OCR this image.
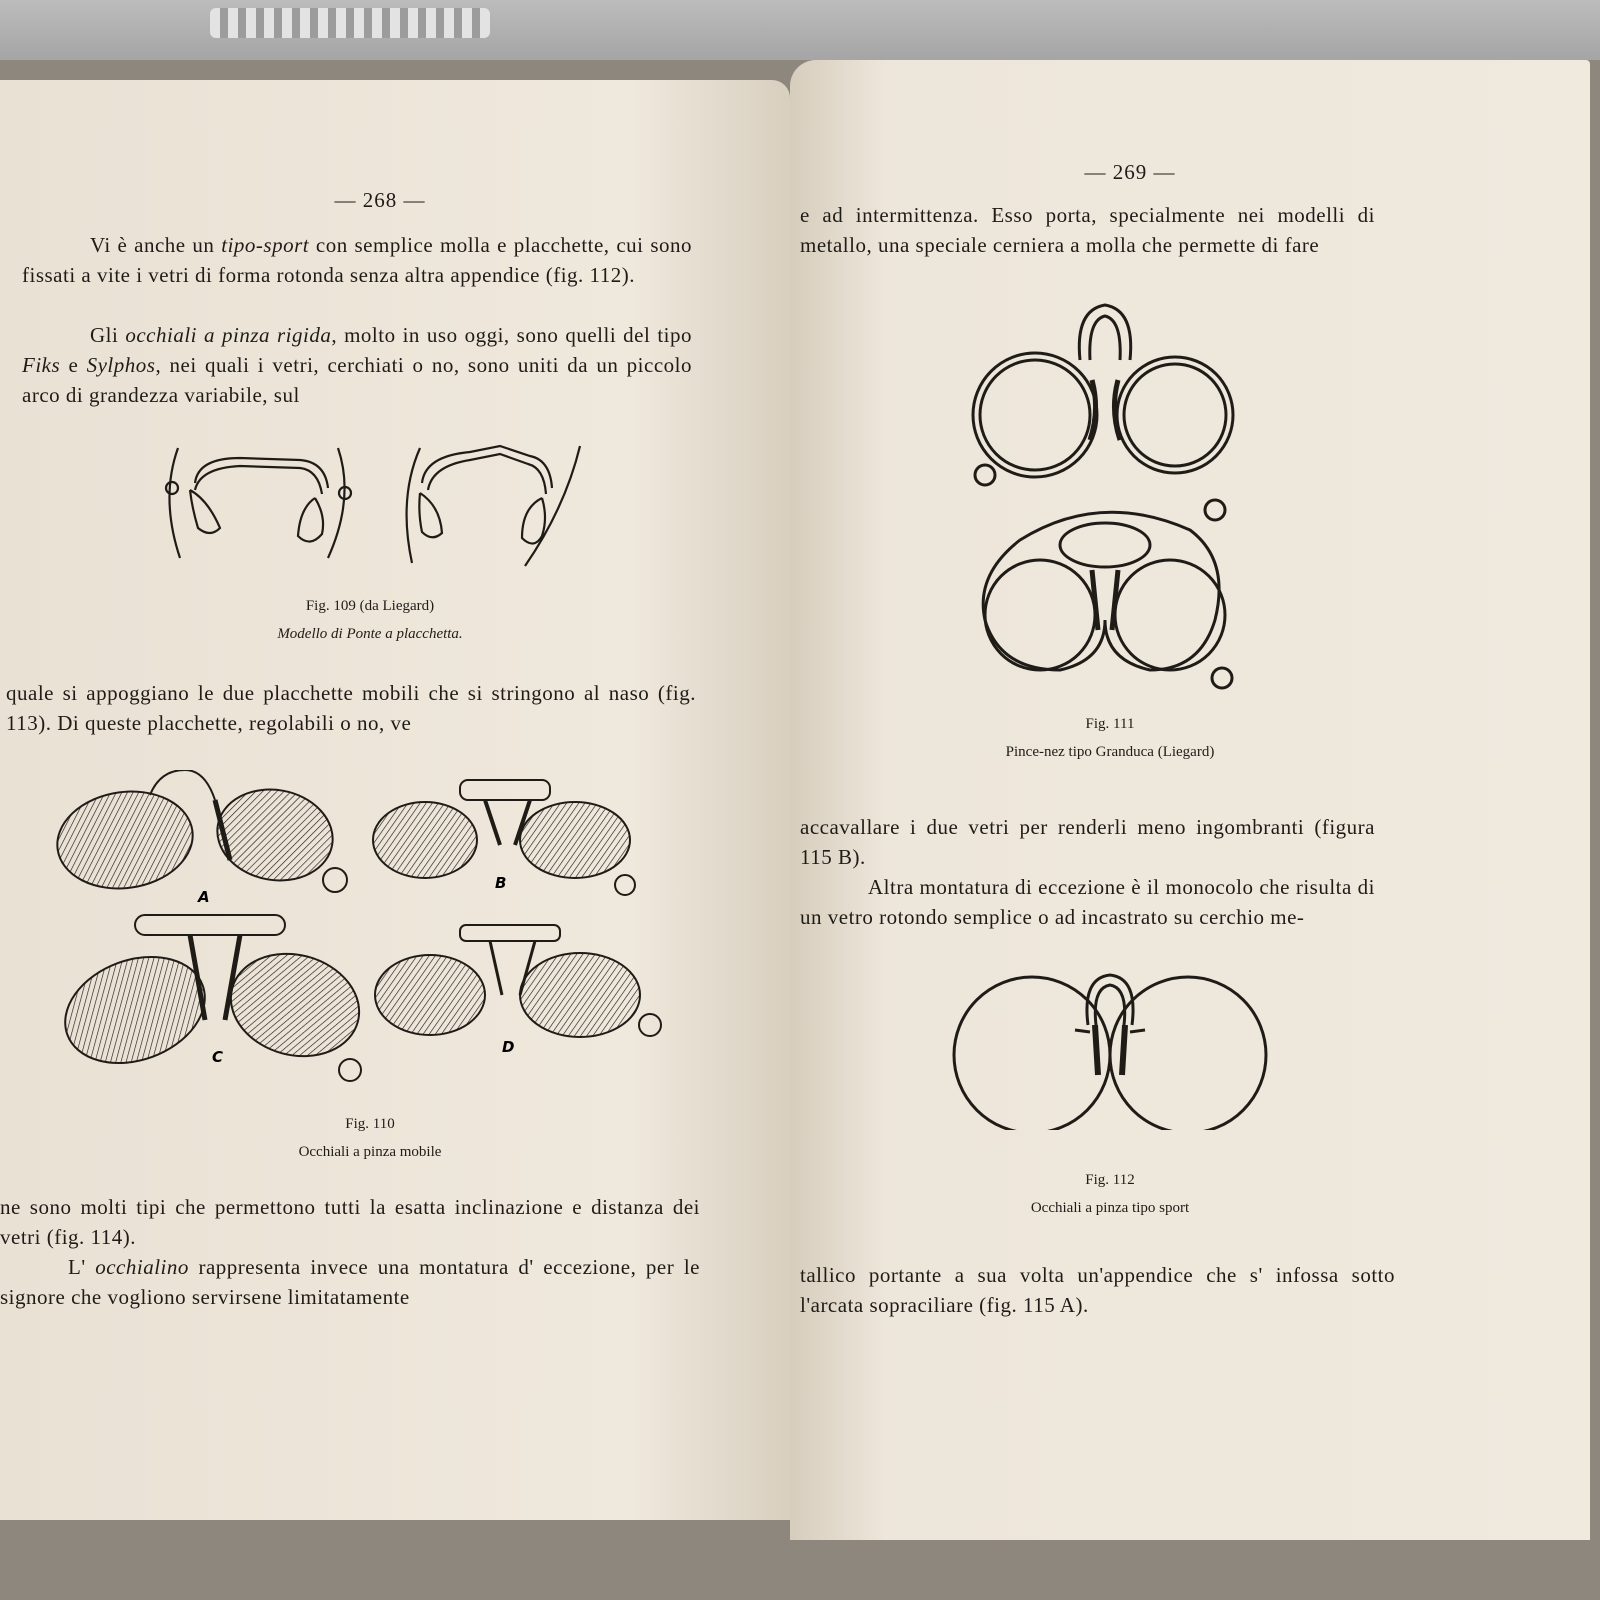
— 268 —

Vi è anche un tipo-sport con semplice molla e placchette, cui sono fissati a vite i vetri di forma rotonda senza altra appendice (fig. 112).

Gli occhiali a pinza rigida, molto in uso oggi, sono quelli del tipo Fiks e Sylphos, nei quali i vetri, cerchiati o no, sono uniti da un piccolo arco di grandezza variabile, sul

Fig. 109 (da Liegard)
Modello di Ponte a placchetta.

quale si appoggiano le due placchette mobili che si stringono al naso (fig. 113). Di queste placchette, regolabili o no, ve

A
B
C
D
Fig. 110
Occhiali a pinza mobile

ne sono molti tipi che permettono tutti la esatta inclinazione e distanza dei vetri (fig. 114).

L' occhialino rappresenta invece una montatura d' eccezione, per le signore che vogliono servirsene limitatamente

— 269 —

e ad intermittenza. Esso porta, specialmente nei modelli di metallo, una speciale cerniera a molla che permette di fare

Fig. 111
Pince-nez tipo Granduca (Liegard)

accavallare i due vetri per renderli meno ingombranti (figura 115 B).

Altra montatura di eccezione è il monocolo che risulta di un vetro rotondo semplice o ad incastrato su cerchio me-

Fig. 112
Occhiali a pinza tipo sport

tallico portante a sua volta un'appendice che s' infossa sotto l'arcata sopraciliare (fig. 115 A).
